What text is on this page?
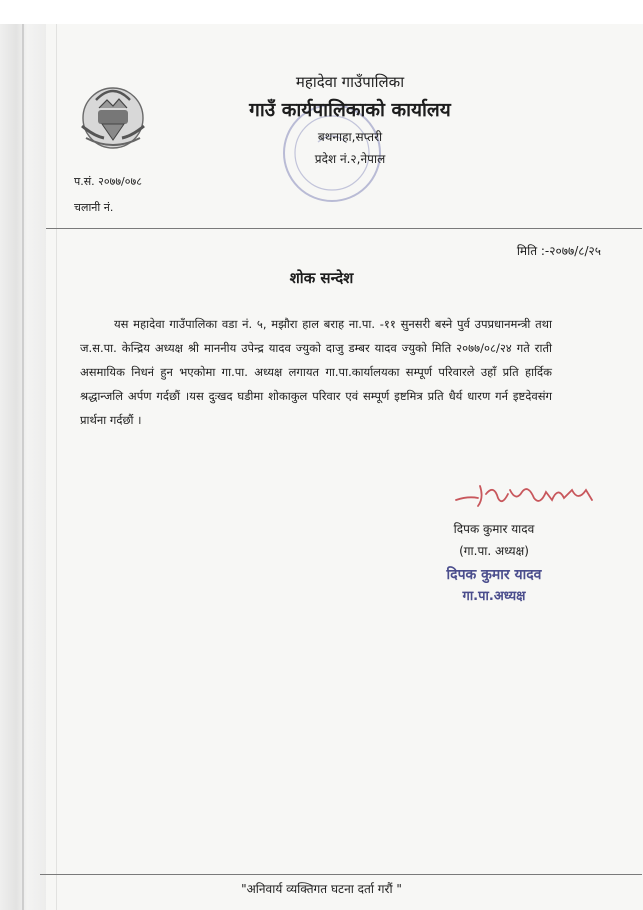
महादेवा गाउँपालिका
गाउँ कार्यपालिकाको कार्यालय
बथनाहा,सप्तरी
प्रदेश नं.२,नेपाल
प.सं. २०७७/०७८
चलानी नं.
मिति :-२०७७/८/२५
शोक सन्देश
यस महादेवा गाउँपालिका वडा नं. ५, मझौरा हाल बराह ना.पा. -११ सुनसरी बस्ने पुर्व उपप्रधानमन्त्री तथा ज.स.पा. केन्द्रिय अध्यक्ष श्री माननीय उपेन्द्र यादव ज्युको दाजु डम्बर यादव ज्युको मिति २०७७/०८/२४ गते राती असमायिक निधनं हुन भएकोमा गा.पा. अध्यक्ष लगायत गा.पा.कार्यालयका सम्पूर्ण परिवारले उहाँ प्रति हार्दिक श्रद्धान्जलि अर्पण गर्दछौं ।यस दुःखद घडीमा शोकाकुल परिवार एवं सम्पूर्ण इष्टमित्र प्रति धैर्य धारण गर्न इष्टदेवसंग प्रार्थना गर्दछौं ।
दिपक कुमार यादव
(गा.पा. अध्यक्ष)
दिपक कुमार यादव
गा.पा.अध्यक्ष
"अनिवार्य व्यक्तिगत घटना दर्ता गरौं "
